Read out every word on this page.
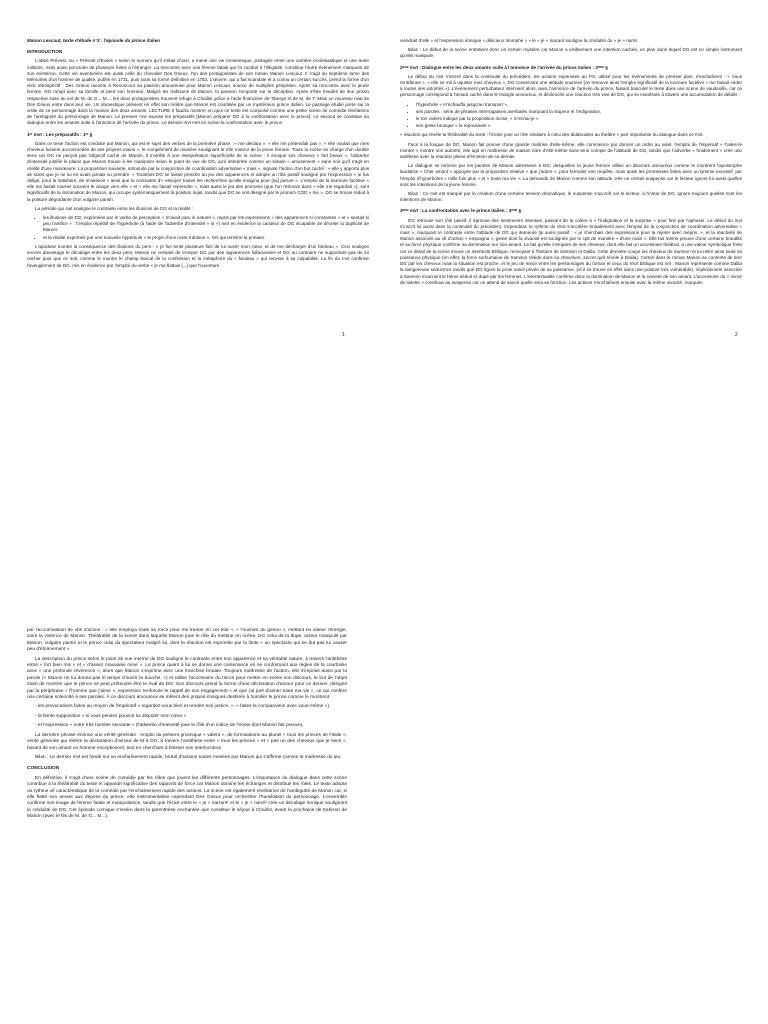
Manon Lescaut, texte d'étude n°3 : l'épisode du prince italien
INTRODUCTION

L'abbé Prévost, ou « Prévost d'Exiles » selon le surnom qu'il s'était choisi, a mené une vie romanesque, partagée entre une carrière ecclésiastique et une autre militaire, mais aussi ponctuée de plusieurs fuites à l'étranger. La rencontre avec une femme fatale qui l'a conduit à l'illégalité, constitue l'autre événement marquant de son existence. Cette vie aventurière est aussi celle du chevalier Des Grieux, l'un des protagonistes de son roman Manon Lescaut. Il s'agit du septième tome des Mémoires d'un homme de qualité, publié en 1731, puis sous sa forme définitive en 1753. L'œuvre, qui a fait scandale et a connu un certain succès, prend la forme d'un récit rétrospectif : Des Grieux raconte à Renoncour sa passion amoureuse pour Manon Lescaut, source de multiples péripéties. Après sa rencontre avec la jeune femme, DG rompt avec sa famille et perd son honneur. Malgré les trahisons de Manon, la passion l'emporte sur la déception. Après s'être évadés de leur prison respective suite au vol de M. de G... M..., les deux protagonistes trouvent refuge à Chaillot grâce à l'aide financière de Tiberge et de M. de T. Mais un nouveau rival de Des Grieux entre dans leur vie. Un domestique prévient en effet son maître que Manon est courtisée par un mystérieux prince italien. Le passage étudié porte sur la visite de ce personnage dans la maison des deux amants. LECTURE Il faudra montrer en quoi ce texte est composé comme une petite scène de comédie révélatrice de l'ambiguïté du personnage de Manon. Le premier mvt expose les préparatifs [Manon préparer DG à la confrontation avec le prince]. Le second se constitue du dialogue entre les amants suite à l'annonce de l'arrivée du prince. Le dernier mvt met en scène la confrontation avec le prince.

1ᵉʳ mvt : Les préparatifs : 1ᵉʳ §

Dans ce texte l'action est conduite par Manon, qui est le sujet des verbes de la première phase : « me déclara », « elle me prétendait pas », « elle voulait que mes cheveux fussent accommodés de ses propres mains », le complément de manière soulignant le rôle moteur de la jeune femme. Toute la scène se charge d'un double sens car DG ne perçoit pas l'objectif caché de Manon, il s'arrête à une interprétation superficielle de la scène : il évoque ses cheveux « fort beaux », l'adverbe d'intensité justifie le plaisir que Manon trouve à les manipuler selon le point de vue de DG, qu'il interprète comme un simple « amusement » sans voir qu'il s'agit en réalité d'une manœuvre. La proposition suivante, introduite par la conjonction de coordination adversative « mais », signale l'indice d'un but caché : « elle y apporta plus de soins que je ne lui en avais jamais vu prendre. » Toutefois DG se laisse prendre au jeu des apparences et adopte un rôle passif souligné par l'expression « je fus obligé, pour la satisfaire, de m'asseoir » ainsi que la contrainte d'« essuyer toutes les recherches qu'elle imagina pour [sa] parure ». L'emploi de la tournure factitive « elle me faisait tourner souvent le visage vers elle » et « elle me faisait reprendre », mais aussi le jeu des pronoms (que l'on retrouve dans « elle me regardait »), sont significatifs de la domination de Manon, qui occupe systématiquement la position sujet, tandis que DG se voit désigné par le pronom COD « me ». DG se trouve réduit à la posture dégradante d'un vulgaire pantin.

La période qui suit souligne le contraste entre les illusions de DG et la réalité :

• les illusions de DG, exprimées par le verbe de perception « m'avait paru si naturel », repris par les expressions « des apparences si constantes » et « sentait si peu l'artifice » : l'emploi répétitif de l'hyperbole (à l'aide de l'adverbe d'intensité « si ») met en évidence la candeur de DG incapable de déceler la duplicité de Manon
• et la réalité exprimée par une nouvelle hyperbole « le projet d'une noire trahison », GN qui termine la protase.

L'apodose montre la conséquence des illusions du pers : « je fus tenté plusieurs fois de lui ouvrir mon cœur, et de me décharger d'un fardeau ». Ceci souligne encore davantage le décalage entre les deux pers, Manon ne cessant de tromper DG par des apparences fallacieuses et DG au contraire ne supportant pas de lui cacher quoi que ce soit, comme le montre le champ lexical de la confession et la métaphore du « fardeau » qui renvoie à sa culpabilité. La fin du mvt confirme l'aveuglement de DG, mis en évidence par l'emploi du verbe « je me flattais [...] que l'ouverture

1

viendrait d'elle » et l'expression ironique « délicieux triomphe » » le « je » narrant souligne la crédulité du « je » narré.

Bilan : Le début de la scène entretient donc un certain mystère car Manon a visiblement une intention cachée, un plan dans lequel DG est un simple instrument qu'elle manipule.

2ᵉᵐᵉ mvt : Dialogue entre les deux amants suite à l'annonce de l'arrivée du prince italien : 2ᵉᵐᵉ §

Le début du mvt s'inscrit dans la continuité du précédent, les actions exprimées au PS, utilisé pour les événements de premier plan, s'enchaînent : « nous rentrâmes », « elle se mit à rajuster mes cheveux », DG conservant une attitude soumise (on retrouve ainsi l'emploi significatif de la tournure factitive « me faisait céder à toutes ses volontés »). L'événement perturbateur intervient alors, avec l'annonce de l'arrivée du prince, faisant basculer le texte dans une scène de vaudeville, car ce personnage correspond à l'amant caché dans le triangle amoureux, et déclenche une réaction très vive de DG, qui se manifeste à travers une accumulation de détails :

• l'hyperbole « m'échauffa jusqu'au transport »,
• ses paroles : série de phrases interrogatives averbales marquant la stupeur et l'indignation,
• le ton violent indiqué par la proposition incise, « m'écriai-je »
• son geste brusque « la repoussant ».

« réaction qui révèle la théâtralité du texte : l'incise joue un rôle similaire à celui des didascalies au théâtre » part importante du dialogue dans ce mvt.

Face à la fougue de DG, Manon fait preuve d'une grande maîtrise d'elle-même, elle commence par donner un ordre au valet, l'emploi de l'impératif « Faites-le monter » montre son autorité, elle agit en maîtresse de maison sûre d'elle-même sans tenir compte de l'attitude de DG, tandis que l'adverbe « froidement » crée une antithèse avec la réaction pleine d'émotion de ce dernier.

Le dialogue se termine par les paroles de Manon adressées à DG, desquelles la jeune femme utilise un discours amoureux comme le montrent l'apostrophe laudative « Cher amant » appuyée par la proposition relative « que j'adore », pour formuler une requête, mais aussi les promesses faites avec un lyrisme excessif, par l'emploi d'hyperboles « mille fois plus » et « toute ma vie ». La demande de Manon comme son attitude crée un certain suspense car le lecteur ignore lui aussi quelles sont les intentions de la jeune femme.

Bilan : Ce mvt est marqué par la création d'une certaine tension dramatique, le suspense s'accroît car le lecteur, à l'instar de DG, ignore toujours quelles sont les intentions de Manon.

3ᵉᵐᵉ mvt : La confrontation avec le prince italien : 3ᵉᵐᵉ §

DG retrouve son rôle passif, il éprouve des sentiments intenses, passant de la colère à « l'indignation et la surprise » pour finir par l'aphasie. Le début du mvt s'inscrit lui aussi dans la continuité du précédent. Cependant, le rythme du récit s'accélère brutalement avec l'emploi de la conjonction de coordination adversative « mais », marquant le contraste entre l'attitude de DG qui demeure tjs aussi passif : « je cherchais des expressions pour la rejeter avec mépris. », et la réactivité de Manon associée au vb d'action « empoigna », geste dont la vivacité est soulignée par le cplt de manière « d'une main ». Elle fait même preuve d'une certaine brutalité et sa force physique confirme sa domination sur son amant. Le fait qu'elle s'empare de ses cheveux, dont elle fait un accessoire théâtral, a une valeur symbolique forte car ce détail de la scène trouve un intertexte biblique, renvoyant à l'histoire de Samson et Dalila. Cette dernière coupe les cheveux de Samson et lui retire ainsi toute sa puissance physique (en effet, la force surhumaine de Samson réside dans sa chevelure, secret qu'il révèle à Dalila). Certes dans le roman Manon se contente de tirer DG par les cheveux mais la situation est proche, et le jeu de miroir entre les personnages du roman et ceux du récit biblique est net : Manon représente comme Dalila la dangereuse séductrice tandis que DG figure la proie naïve privée de sa puissance, (et il se trouve en effet dans une posture très vulnérable), implicitement associée à Samson incarnant le héros séduit et dupé par les femmes. L'intertextualité confirme donc la domination de Manon et la naïveté de son amant. L'accessoire du « miroir de toilette » contribue au suspense car on attend de savoir quelle sera sa fonction. Les actions s'enchaînent ensuite avec la même vivacité, marquée

2

par l'accumulation de vbs d'action : « elle employa toute sa force pour me traîner en cet état », « l'ouvrant du genou », mettant en valeur l'énergie, voire la violence de Manon. Théâtralité de la scène dans laquelle Manon joue le rôle du metteur en scène, DG celui de la dupe, acteur manipulé par Manon, vulgaire pantin et le prince celui du spectateur malgré lui, dont la réaction est exprimée par la litote « un spectacle qui ne dut pas lui causer peu d'étonnement ».

La description du prince selon le point de vue interne de DG souligne le contraste entre son apparence et sa véritable nature, à travers l'antithèse entre « fort bien mis » et « d'assez mauvaise mine ». Le prince quant à lui se donne une contenance en se conformant aux règles de la courtoisie avec « une profonde révérence », alors que Manon s'exprime avec une franchise brutale. Toujours maîtresse de l'action, elle s'impose aussi par la parole (« Manon ne lui donna pas le temps d'ouvrir la bouche. ») et utilise l'accessoire du miroir pour mettre en scène son discours, le but de l'objet étant de montrer que le prince ne peut prétendre être le rival de DG. Son discours prend la forme d'une déclaration d'amour pour ce dernier, désigné par la périphrase « l'homme que j'aime », expression renforcée le rappel de son engagement « et que j'ai juré d'aimer toute ma vie », ce qui confère une certaine solennité à ses paroles. À ce discours amoureux se mêlent des propos ironiques destinés à humilier le prince comme le montrent

- les provocations faites au moyen de l'impératif « regardez-vous bien et rendez-moi justice. », « faites la comparaison avec vous-même »),

- la feinte supposition « si vous pensez pouvoir lui disputer mon cœur »

- et l'expression « votre très humble servante » (l'adverbe d'intensité joue le rôle d'un indice de l'ironie dont Manon fait preuve).

La dernière phrase énonce une vérité générale : emploi du présent gnomique « valent », de formulations au pluriel « tous les princes de l'Italie », vérité générale qui réitère la déclaration d'amour de M à DG, à travers l'antithèse entre « tous les princes » et « pas un des cheveux que je tiens », faisant de son amant un homme exceptionnel, tout en cherchant à blesser son interlocuteur.

Bilan : Le dernier mvt est fondé sur un enchaînement rapide, brutal d'actions toutes menées par Manon qui s'affirme comme la maîtresse du jeu.

CONCLUSION

En définitive, il s'agit d'une scène de comédie par les rôles que jouent les différents personnages. L'importance du dialogue dans cette scène contribue à la théâtralité du texte et apparaît significative des rapports de force car Manon domine les échanges et distribue les rôles. Le texte adopte un rythme vif caractéristique de la comédie par l'enchaînement rapide des actions. La scène est également révélatrice de l'ambiguïté de Manon car, si elle flatte son amant aux dépens du prince, elle instrumentalise cependant Des Grieux pour orchestrer l'humiliation du personnage. L'ensemble confirme son image de femme fatale et manipulatrice, tandis que l'écart entre le « je » narrant¹ et le « je » narré² crée un décalage ironique soulignant la crédulité de DG. Cet épisode comique s'insère dans la parenthèse enchantée que constitue le séjour à Chaillot, avant la prochaine de trahison de Manon (avec le fils de M. de G... M...).
